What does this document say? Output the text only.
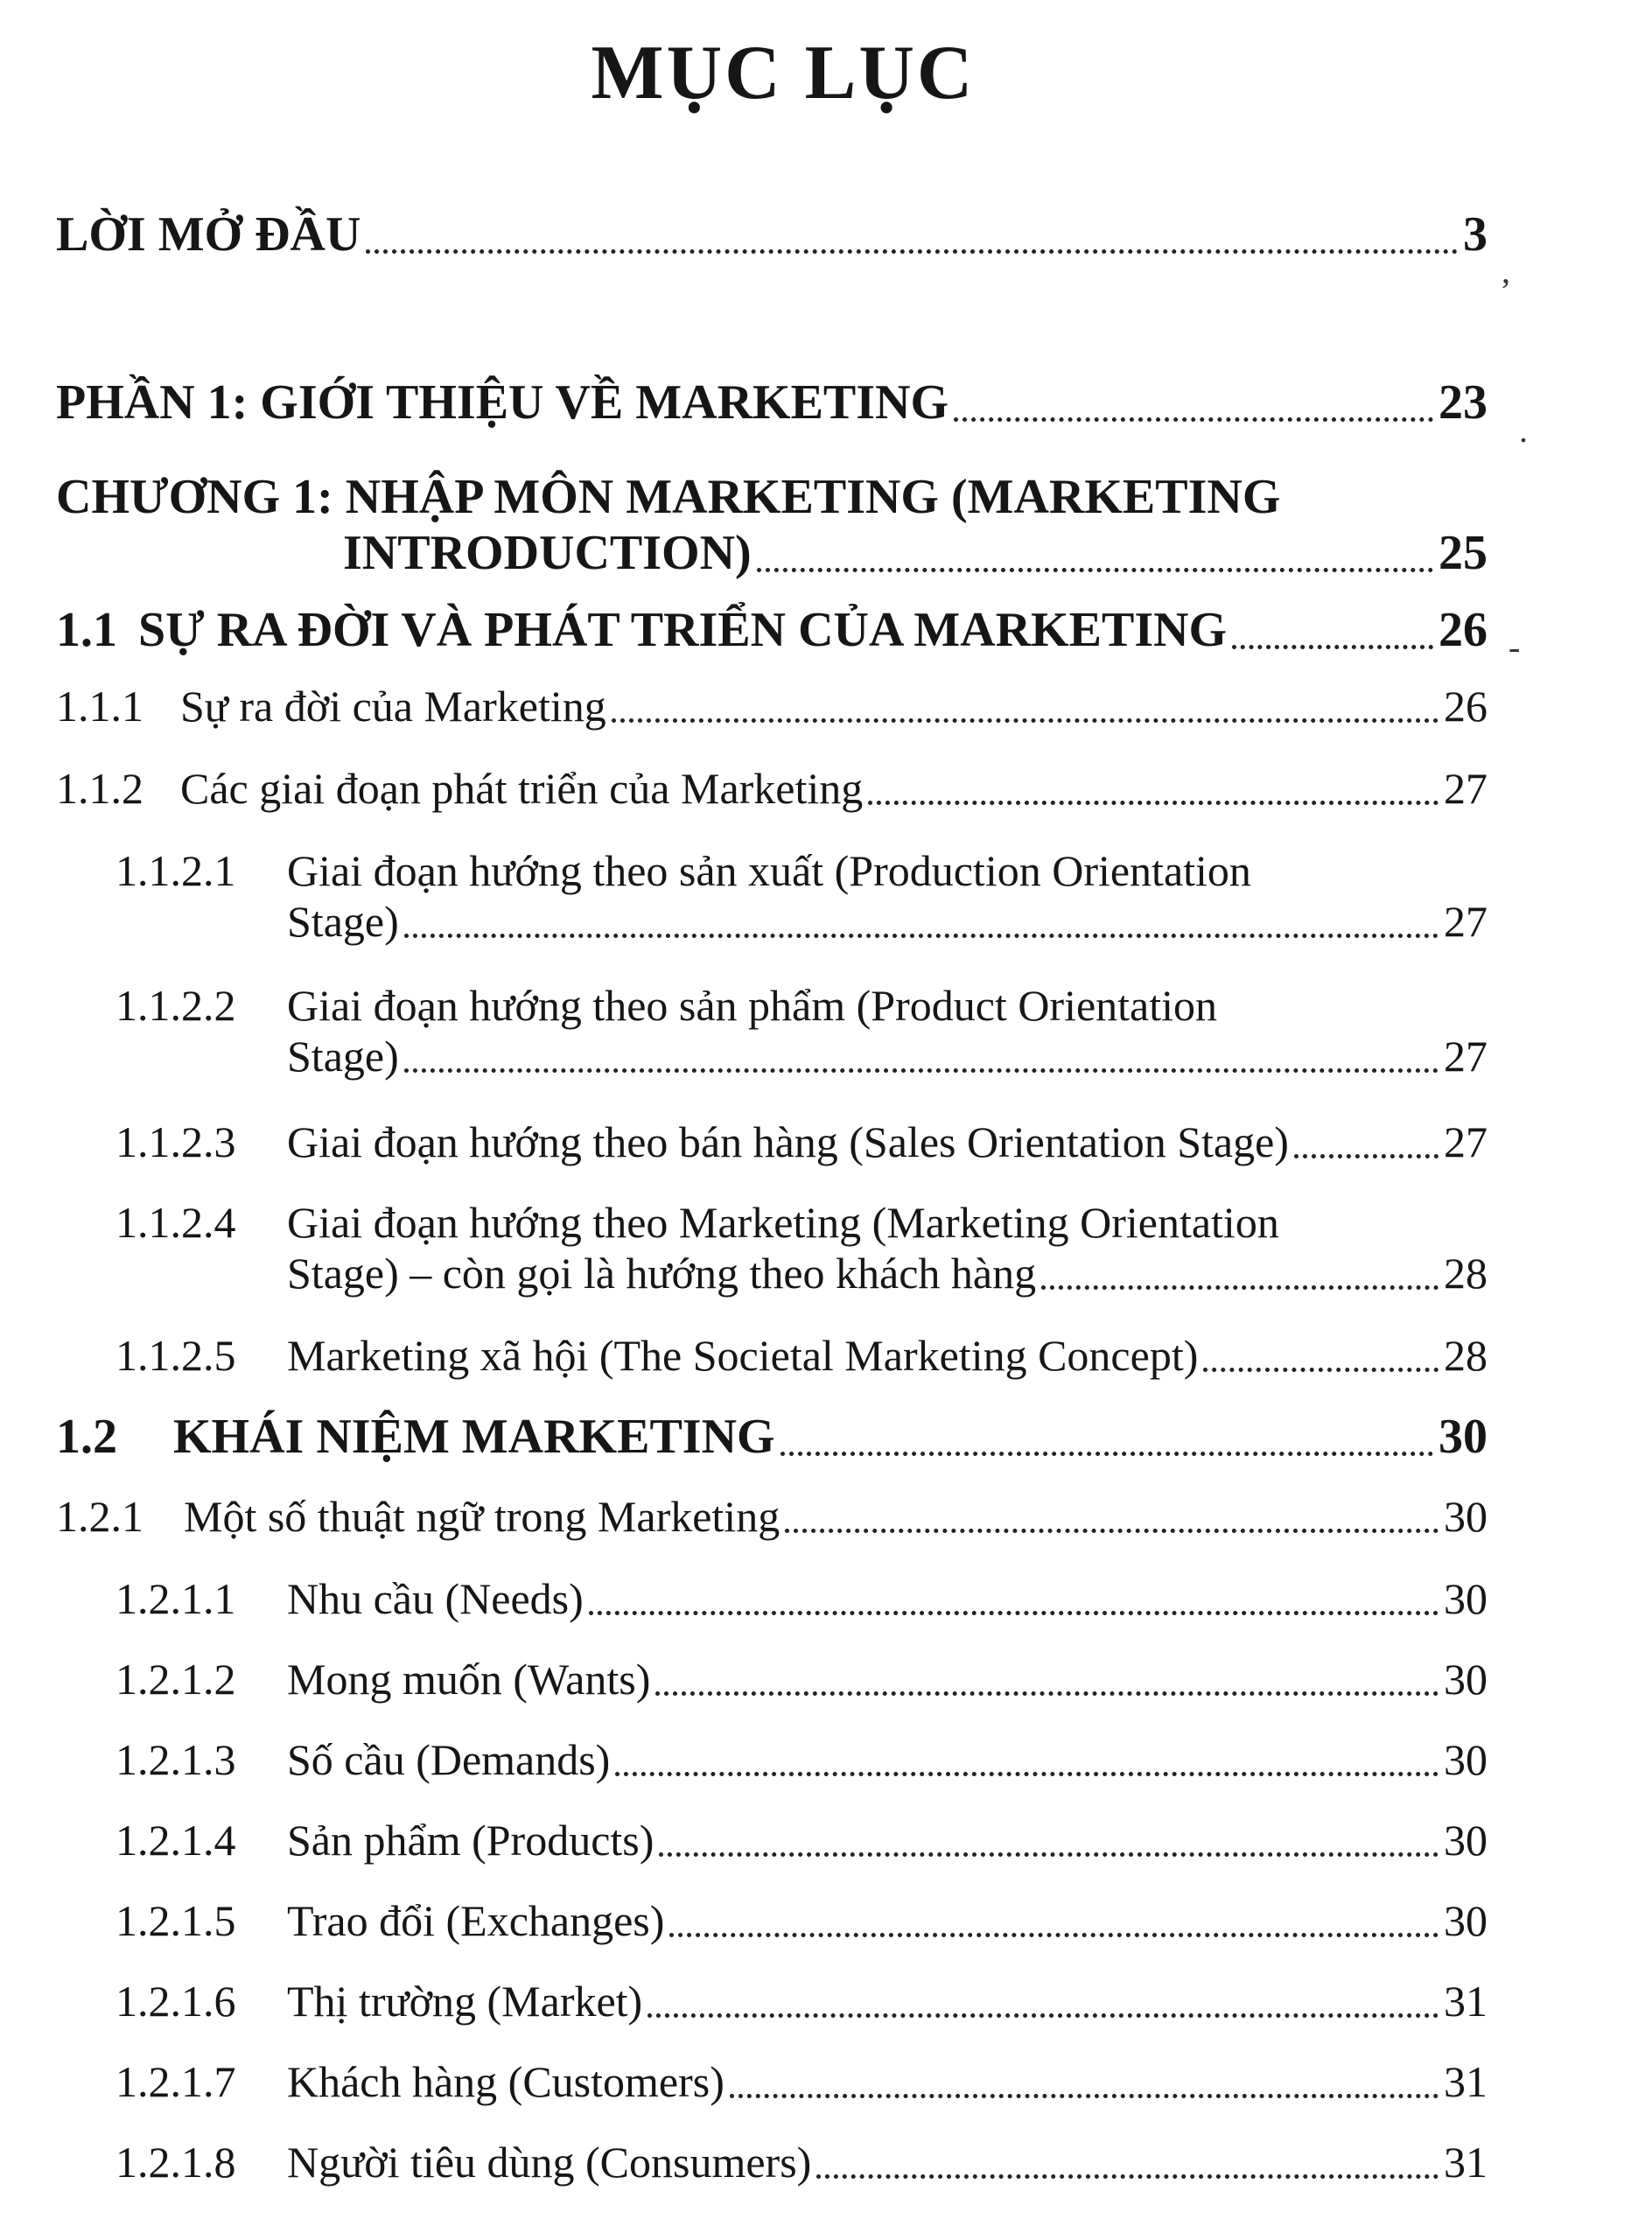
MỤC LỤC
LỜI MỞ ĐẦU	3
PHẦN 1: GIỚI THIỆU VỀ MARKETING	23
CHƯƠNG 1: NHẬP MÔN MARKETING (MARKETING
INTRODUCTION)	25
1.1 SỰ RA ĐỜI VÀ PHÁT TRIỂN CỦA MARKETING	26
1.1.1 Sự ra đời của Marketing	26
1.1.2 Các giai đoạn phát triển của Marketing	27
1.1.2.1	Giai đoạn hướng theo sản xuất (Production Orientation
Stage)	27
1.1.2.2	Giai đoạn hướng theo sản phẩm (Product Orientation
Stage)	27
1.1.2.3	Giai đoạn hướng theo bán hàng (Sales Orientation Stage)	27
1.1.2.4	Giai đoạn hướng theo Marketing (Marketing Orientation
Stage) – còn gọi là hướng theo khách hàng	28
1.1.2.5	Marketing xã hội (The Societal Marketing Concept)	28
1.2	KHÁI NIỆM MARKETING	30
1.2.1 Một số thuật ngữ trong Marketing	30
1.2.1.1	Nhu cầu (Needs)	30
1.2.1.2	Mong muốn (Wants)	30
1.2.1.3	Số cầu (Demands)	30
1.2.1.4	Sản phẩm (Products)	30
1.2.1.5	Trao đổi (Exchanges)	30
1.2.1.6	Thị trường (Market)	31
1.2.1.7	Khách hàng (Customers)	31
1.2.1.8	Người tiêu dùng (Consumers)	31
,
.
-
